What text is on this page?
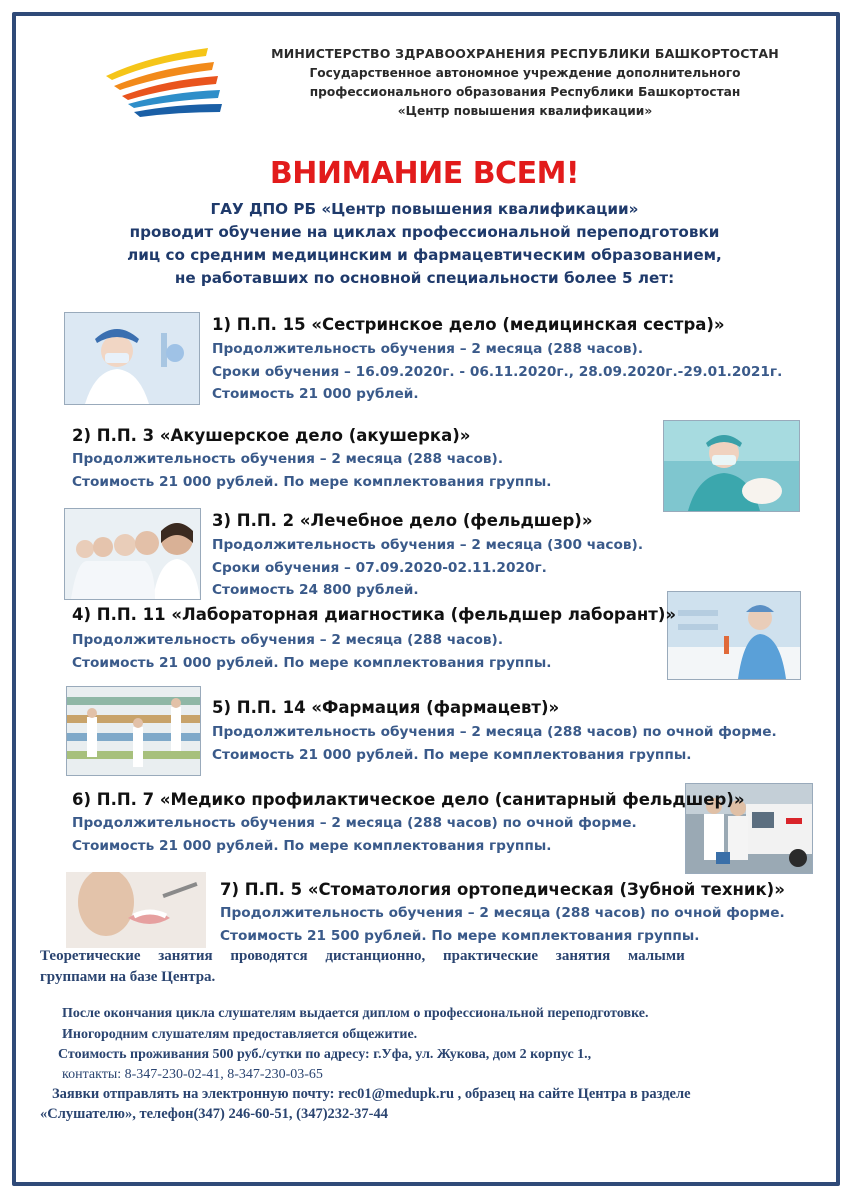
МИНИСТЕРСТВО ЗДРАВООХРАНЕНИЯ РЕСПУБЛИКИ БАШКОРТОСТАН
Государственное автономное учреждение дополнительного
профессионального образования Республики Башкортостан
«Центр повышения квалификации»
ВНИМАНИЕ ВСЕМ!
ГАУ ДПО РБ «Центр повышения квалификации»
проводит обучение на циклах профессиональной переподготовки
лиц со средним медицинским и фармацевтическим образованием,
не работавших по основной специальности более 5 лет:
1) П.П. 15 «Сестринское дело (медицинская сестра)»
Продолжительность обучения – 2 месяца (288 часов).
Сроки обучения – 16.09.2020г. - 06.11.2020г., 28.09.2020г.-29.01.2021г.
Стоимость 21 000 рублей.
2) П.П. 3 «Акушерское дело (акушерка)»
Продолжительность обучения – 2 месяца (288 часов).
Стоимость 21 000 рублей. По мере комплектования группы.
3) П.П. 2 «Лечебное дело (фельдшер)»
Продолжительность обучения – 2 месяца (300 часов).
Сроки обучения – 07.09.2020-02.11.2020г.
Стоимость 24 800 рублей.
4) П.П. 11 «Лабораторная диагностика (фельдшер лаборант)»
Продолжительность обучения – 2 месяца (288 часов).
Стоимость 21 000 рублей. По мере комплектования группы.
5) П.П. 14 «Фармация (фармацевт)»
Продолжительность обучения – 2 месяца (288 часов) по очной форме.
Стоимость 21 000 рублей. По мере комплектования группы.
6) П.П. 7 «Медико профилактическое дело (санитарный фельдшер)»
Продолжительность обучения – 2 месяца (288 часов) по очной форме.
Стоимость 21 000 рублей. По мере комплектования группы.
7) П.П. 5 «Стоматология ортопедическая (Зубной техник)»
Продолжительность обучения – 2 месяца (288 часов) по очной форме.
Стоимость 21 500 рублей. По мере комплектования группы.
Теоретические занятия проводятся дистанционно, практические занятия малыми
группами на базе Центра.
После окончания цикла слушателям выдается диплом о профессиональной переподготовке.
Иногородним слушателям предоставляется общежитие.
Стоимость проживания 500 руб./сутки по адресу: г.Уфа, ул. Жукова, дом 2 корпус 1.,
контакты: 8-347-230-02-41, 8-347-230-03-65
Заявки отправлять на электронную почту: rec01@medupk.ru , образец на сайте Центра в разделе
«Слушателю», телефон(347) 246-60-51, (347)232-37-44
